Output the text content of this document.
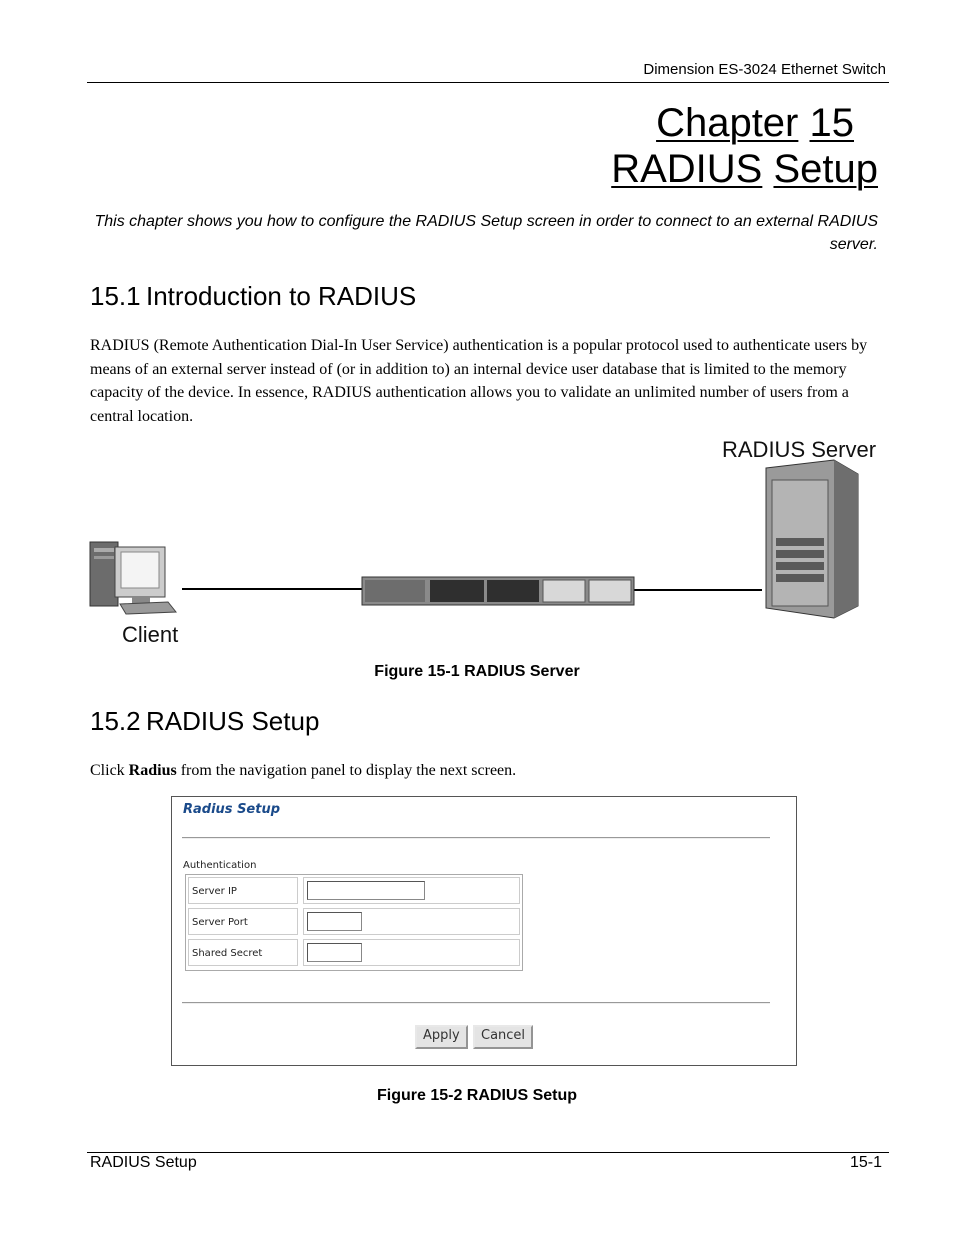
Dimension ES-3024 Ethernet Switch
Chapter 15
RADIUS Setup
This chapter shows you how to configure the RADIUS Setup screen in order to connect to an external RADIUS server.
15.1 Introduction to RADIUS
RADIUS (Remote Authentication Dial-In User Service) authentication is a popular protocol used to authenticate users by means of an external server instead of (or in addition to) an internal device user database that is limited to the memory capacity of the device. In essence, RADIUS authentication allows you to validate an unlimited number of users from a central location.
RADIUS Server
Client
Figure 15-1 RADIUS Server
15.2 RADIUS Setup
Click Radius from the navigation panel to display the next screen.
Radius Setup
Authentication
Server IP
Server Port
Shared Secret
Apply	Cancel
Figure 15-2 RADIUS Setup
RADIUS Setup	15-1
